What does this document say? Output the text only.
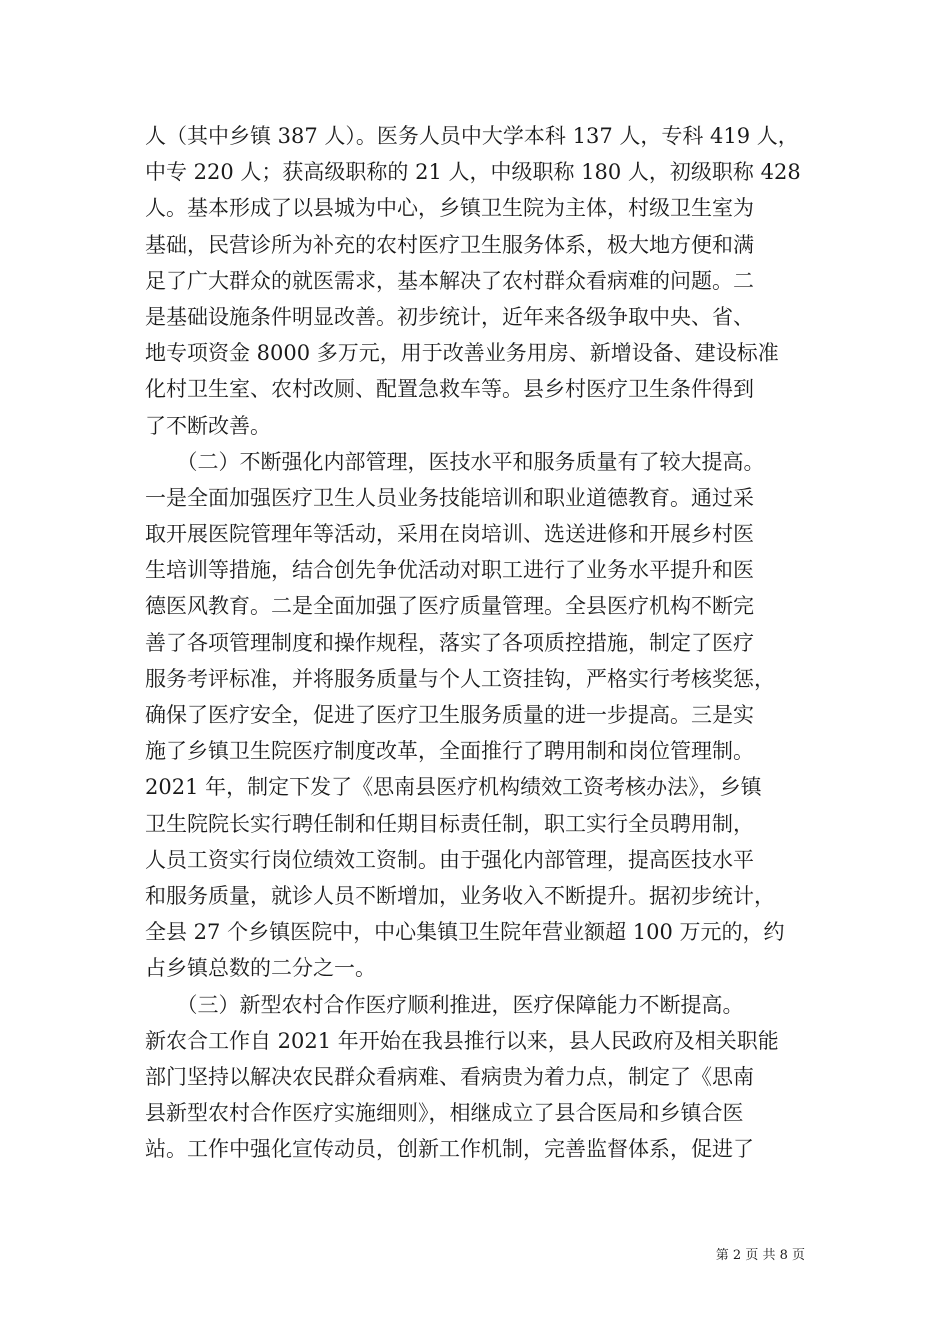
人（其中乡镇 387 人）。医务人员中大学本科 137 人，专科 419 人，
中专 220 人；获高级职称的 21 人，中级职称 180 人，初级职称 428
人。基本形成了以县城为中心，乡镇卫生院为主体，村级卫生室为
基础，民营诊所为补充的农村医疗卫生服务体系，极大地方便和满
足了广大群众的就医需求，基本解决了农村群众看病难的问题。二
是基础设施条件明显改善。初步统计，近年来各级争取中央、省、
地专项资金 8000 多万元，用于改善业务用房、新增设备、建设标准
化村卫生室、农村改厕、配置急救车等。县乡村医疗卫生条件得到
了不断改善。
　　（二）不断强化内部管理，医技水平和服务质量有了较大提高。
一是全面加强医疗卫生人员业务技能培训和职业道德教育。通过采
取开展医院管理年等活动，采用在岗培训、选送进修和开展乡村医
生培训等措施，结合创先争优活动对职工进行了业务水平提升和医
德医风教育。二是全面加强了医疗质量管理。全县医疗机构不断完
善了各项管理制度和操作规程，落实了各项质控措施，制定了医疗
服务考评标准，并将服务质量与个人工资挂钩，严格实行考核奖惩，
确保了医疗安全，促进了医疗卫生服务质量的进一步提高。三是实
施了乡镇卫生院医疗制度改革，全面推行了聘用制和岗位管理制。
2021 年，制定下发了《思南县医疗机构绩效工资考核办法》，乡镇
卫生院院长实行聘任制和任期目标责任制，职工实行全员聘用制，
人员工资实行岗位绩效工资制。由于强化内部管理，提高医技水平
和服务质量，就诊人员不断增加，业务收入不断提升。据初步统计，
全县 27 个乡镇医院中，中心集镇卫生院年营业额超 100 万元的，约
占乡镇总数的二分之一。
　　（三）新型农村合作医疗顺利推进，医疗保障能力不断提高。
新农合工作自 2021 年开始在我县推行以来，县人民政府及相关职能
部门坚持以解决农民群众看病难、看病贵为着力点，制定了《思南
县新型农村合作医疗实施细则》，相继成立了县合医局和乡镇合医
站。工作中强化宣传动员，创新工作机制，完善监督体系，促进了
第 2 页 共 8 页
